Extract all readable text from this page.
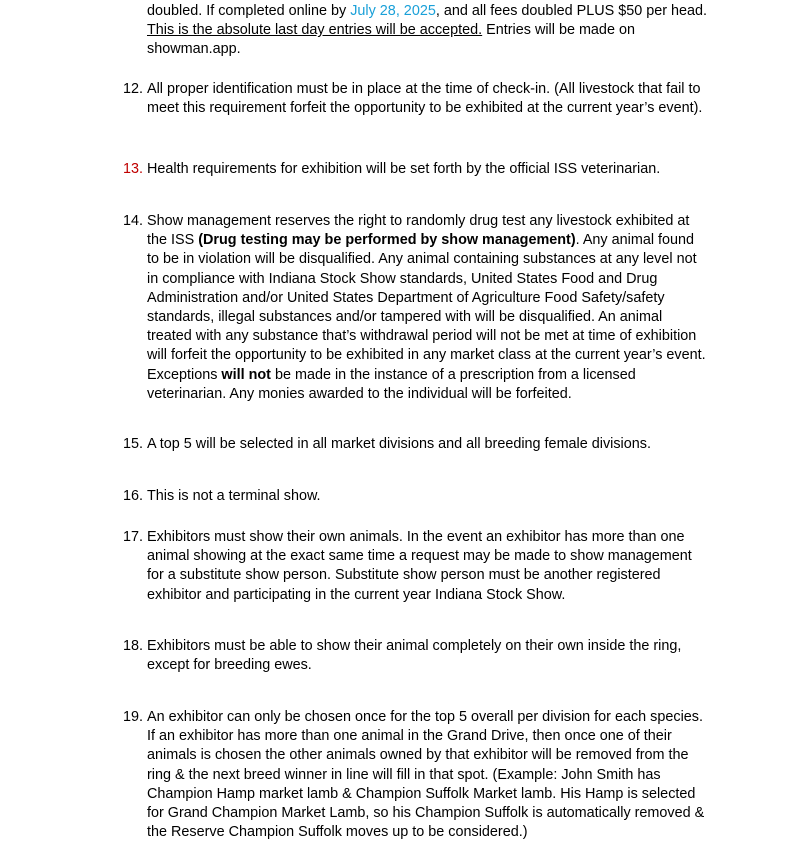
doubled. If completed online by July 28, 2025, and all fees doubled PLUS $50 per head.
This is the absolute last day entries will be accepted. Entries will be made on showman.app.
12. All proper identification must be in place at the time of check-in. (All livestock that fail to meet this requirement forfeit the opportunity to be exhibited at the current year’s event).
13. Health requirements for exhibition will be set forth by the official ISS veterinarian.
14. Show management reserves the right to randomly drug test any livestock exhibited at the ISS (Drug testing may be performed by show management). Any animal found to be in violation will be disqualified. Any animal containing substances at any level not in compliance with Indiana Stock Show standards, United States Food and Drug Administration and/or United States Department of Agriculture Food Safety/safety standards, illegal substances and/or tampered with will be disqualified. An animal treated with any substance that’s withdrawal period will not be met at time of exhibition will forfeit the opportunity to be exhibited in any market class at the current year’s event. Exceptions will not be made in the instance of a prescription from a licensed veterinarian. Any monies awarded to the individual will be forfeited.
15. A top 5 will be selected in all market divisions and all breeding female divisions.
16. This is not a terminal show.
17. Exhibitors must show their own animals. In the event an exhibitor has more than one animal showing at the exact same time a request may be made to show management for a substitute show person. Substitute show person must be another registered exhibitor and participating in the current year Indiana Stock Show.
18. Exhibitors must be able to show their animal completely on their own inside the ring, except for breeding ewes.
19. An exhibitor can only be chosen once for the top 5 overall per division for each species. If an exhibitor has more than one animal in the Grand Drive, then once one of their animals is chosen the other animals owned by that exhibitor will be removed from the ring & the next breed winner in line will fill in that spot. (Example: John Smith has Champion Hamp market lamb & Champion Suffolk Market lamb. His Hamp is selected for Grand Champion Market Lamb, so his Champion Suffolk is automatically removed & the Reserve Champion Suffolk moves up to be considered.)
